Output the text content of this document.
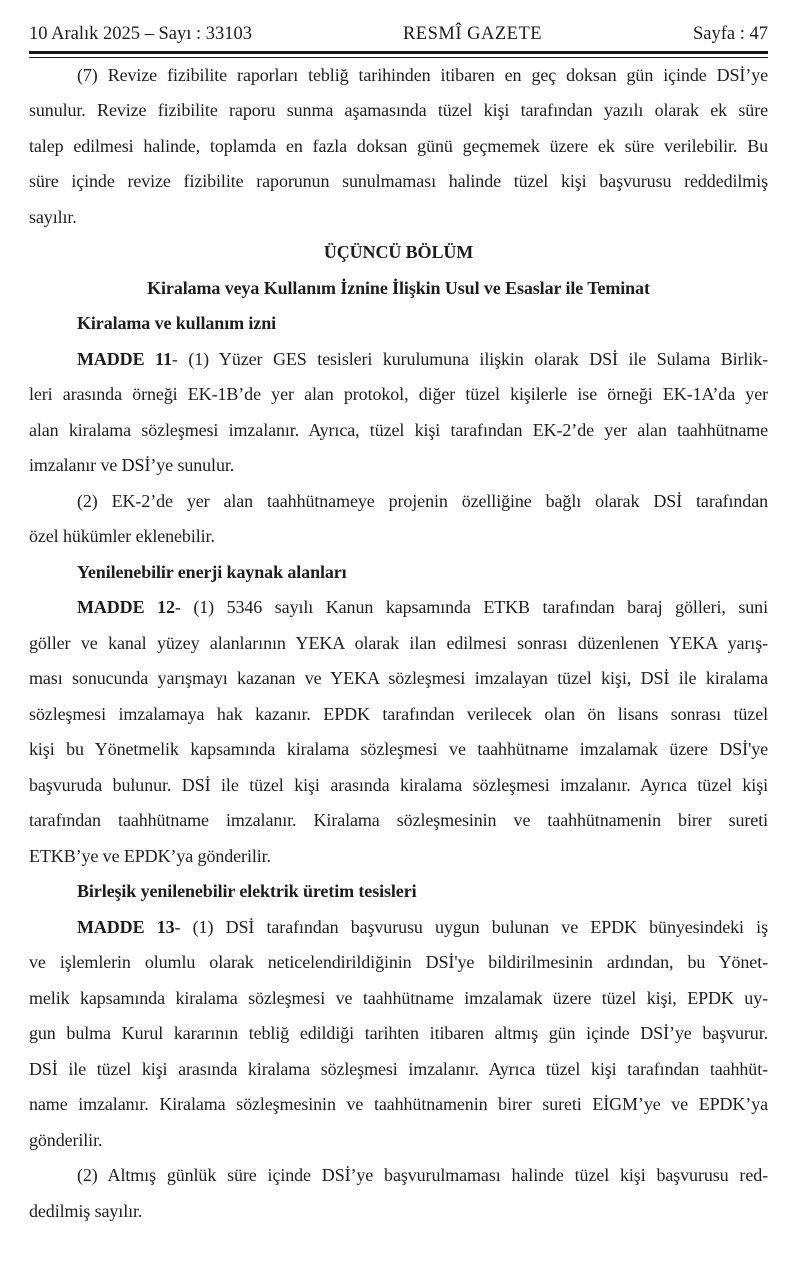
10 Aralık 2025 – Sayı : 33103	RESMÎ GAZETE	Sayfa : 47
(7) Revize fizibilite raporları tebliğ tarihinden itibaren en geç doksan gün içinde DSİ’ye
sunulur. Revize fizibilite raporu sunma aşamasında tüzel kişi tarafından yazılı olarak ek süre
talep edilmesi halinde, toplamda en fazla doksan günü geçmemek üzere ek süre verilebilir. Bu
süre içinde revize fizibilite raporunun sunulmaması halinde tüzel kişi başvurusu reddedilmiş
sayılır.
ÜÇÜNCÜ BÖLÜM
Kiralama veya Kullanım İznine İlişkin Usul ve Esaslar ile Teminat
Kiralama ve kullanım izni
MADDE 11- (1) Yüzer GES tesisleri kurulumuna ilişkin olarak DSİ ile Sulama Birlik-
leri arasında örneği EK-1B’de yer alan protokol, diğer tüzel kişilerle ise örneği EK-1A’da yer
alan kiralama sözleşmesi imzalanır. Ayrıca, tüzel kişi tarafından EK-2’de yer alan taahhütname
imzalanır ve DSİ’ye sunulur.
(2) EK-2’de yer alan taahhütnameye projenin özelliğine bağlı olarak DSİ tarafından
özel hükümler eklenebilir.
Yenilenebilir enerji kaynak alanları
MADDE 12- (1) 5346 sayılı Kanun kapsamında ETKB tarafından baraj gölleri, suni
göller ve kanal yüzey alanlarının YEKA olarak ilan edilmesi sonrası düzenlenen YEKA yarış-
ması sonucunda yarışmayı kazanan ve YEKA sözleşmesi imzalayan tüzel kişi, DSİ ile kiralama
sözleşmesi imzalamaya hak kazanır. EPDK tarafından verilecek olan ön lisans sonrası tüzel
kişi bu Yönetmelik kapsamında kiralama sözleşmesi ve taahhütname imzalamak üzere DSİ'ye
başvuruda bulunur. DSİ ile tüzel kişi arasında kiralama sözleşmesi imzalanır. Ayrıca tüzel kişi
tarafından taahhütname imzalanır. Kiralama sözleşmesinin ve taahhütnamenin birer sureti
ETKB’ye ve EPDK’ya gönderilir.
Birleşik yenilenebilir elektrik üretim tesisleri
MADDE 13- (1) DSİ tarafından başvurusu uygun bulunan ve EPDK bünyesindeki iş
ve işlemlerin olumlu olarak neticelendirildiğinin DSİ'ye bildirilmesinin ardından, bu Yönet-
melik kapsamında kiralama sözleşmesi ve taahhütname imzalamak üzere tüzel kişi, EPDK uy-
gun bulma Kurul kararının tebliğ edildiği tarihten itibaren altmış gün içinde DSİ’ye başvurur.
DSİ ile tüzel kişi arasında kiralama sözleşmesi imzalanır. Ayrıca tüzel kişi tarafından taahhüt-
name imzalanır. Kiralama sözleşmesinin ve taahhütnamenin birer sureti EİGM’ye ve EPDK’ya
gönderilir.
(2) Altmış günlük süre içinde DSİ’ye başvurulmaması halinde tüzel kişi başvurusu red-
dedilmiş sayılır.
